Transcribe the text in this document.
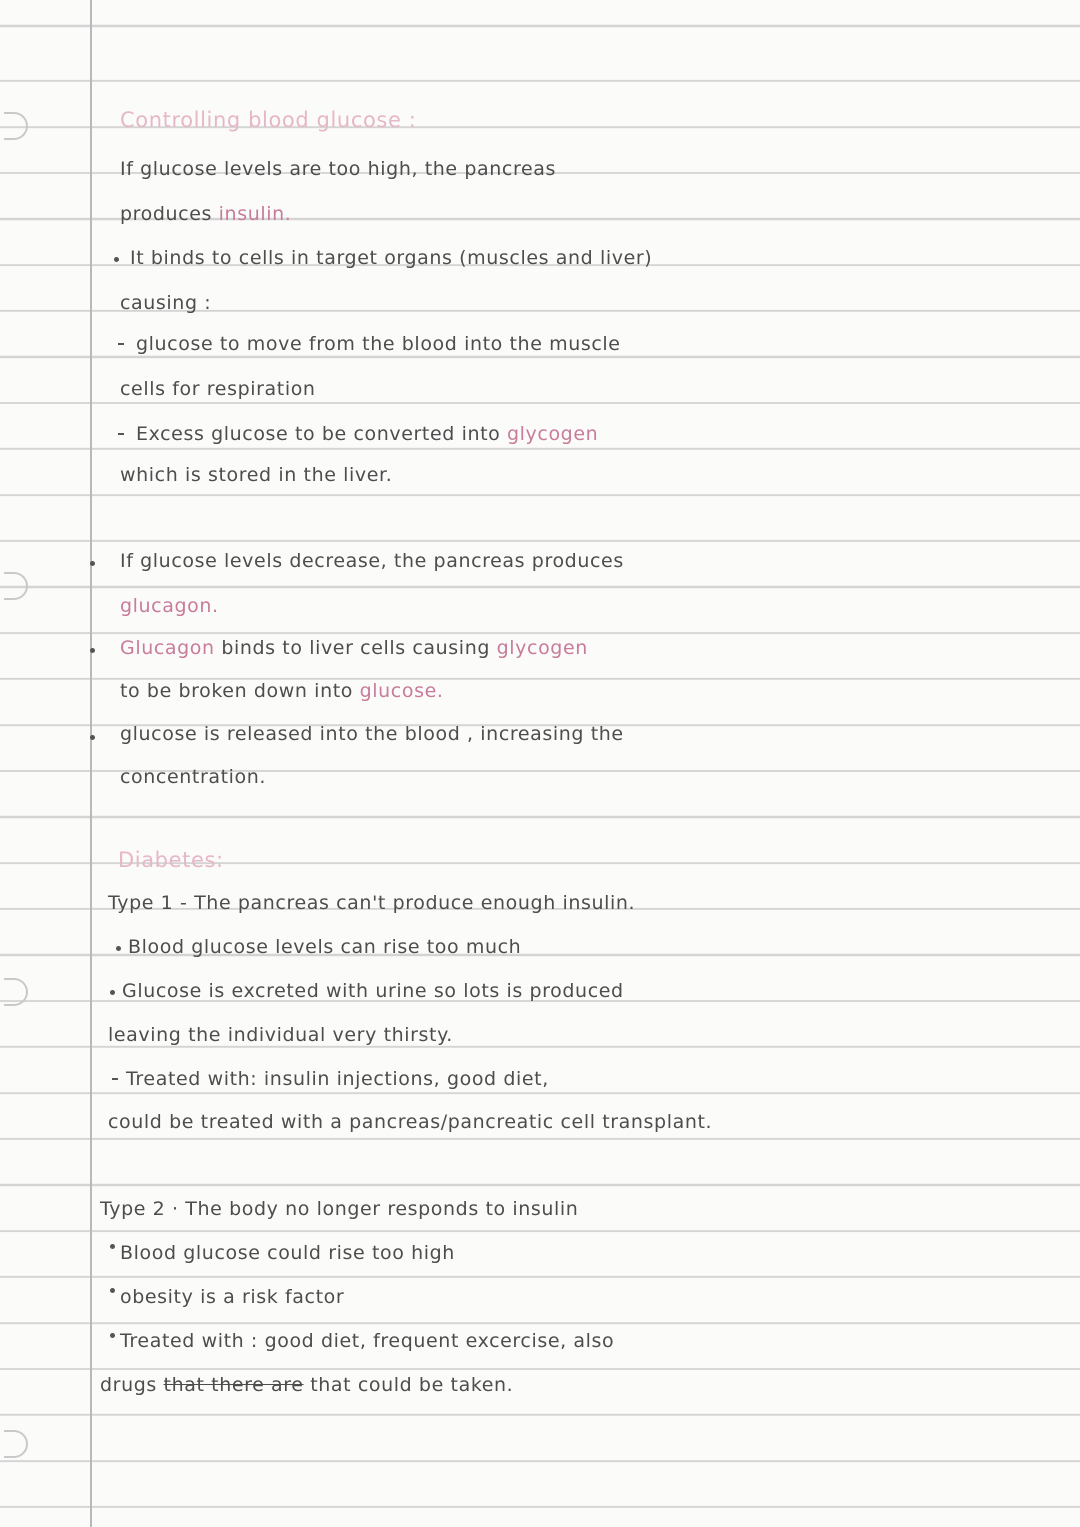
Controlling blood glucose :
If glucose levels are too high, the pancreas
produces insulin.
It binds to cells in target organs (muscles and liver)
causing :
glucose to move from the blood into the muscle
cells for respiration
Excess glucose to be converted into glycogen
which is stored in the liver.
If glucose levels decrease, the pancreas produces
glucagon.
Glucagon binds to liver cells causing glycogen
to be broken down into glucose.
glucose is released into the blood , increasing the
concentration.
Diabetes:
Type 1 - The pancreas can't produce enough insulin.
Blood glucose levels can rise too much
Glucose is excreted with urine so lots is produced
leaving the individual very thirsty.
Treated with: insulin injections, good diet,
could be treated with a pancreas/pancreatic cell transplant.
Type 2 · The body no longer responds to insulin
Blood glucose could rise too high
obesity is a risk factor
Treated with : good diet, frequent excercise, also
drugs that there are that could be taken.
